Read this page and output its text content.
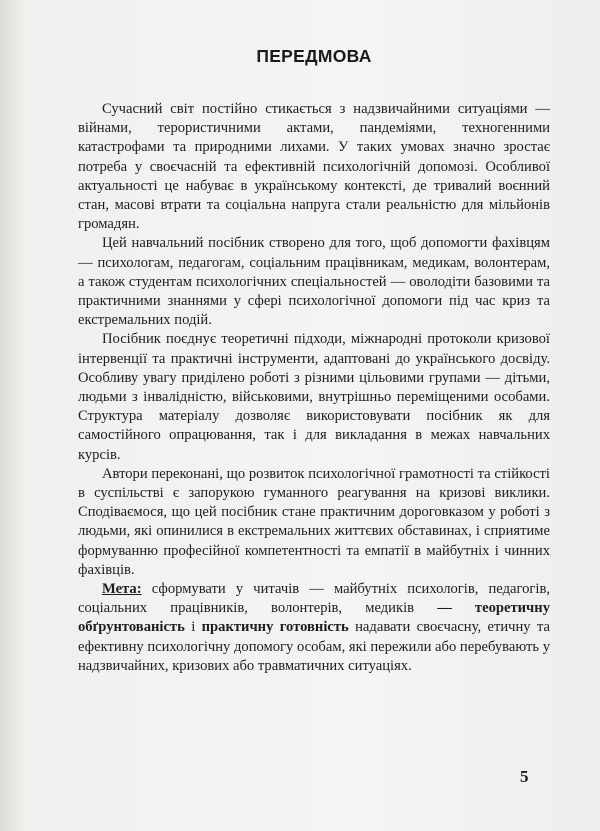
ПЕРЕДМОВА

Сучасний світ постійно стикається з надзвичайними ситуаціями — війнами, терористичними актами, пандеміями, техногенними катастрофами та природними лихами. У таких умовах значно зростає потреба у своєчасній та ефективній психологічній допомозі. Особливої актуальності це набуває в українському контексті, де тривалий воєнний стан, масові втрати та соціальна напруга стали реальністю для мільйонів громадян.

Цей навчальний посібник створено для того, щоб допомогти фахівцям — психологам, педагогам, соціальним працівникам, медикам, волонтерам, а також студентам психологічних спеціальностей — оволодіти базовими та практичними знаннями у сфері психологічної допомоги під час криз та екстремальних подій.

Посібник поєднує теоретичні підходи, міжнародні протоколи кризової інтервенції та практичні інструменти, адаптовані до українського досвіду. Особливу увагу приділено роботі з різними цільовими групами — дітьми, людьми з інвалідністю, військовими, внутрішньо переміщеними особами. Структура матеріалу дозволяє використовувати посібник як для самостійного опрацювання, так і для викладання в межах навчальних курсів.

Автори переконані, що розвиток психологічної грамотності та стійкості в суспільстві є запорукою гуманного реагування на кризові виклики. Сподіваємося, що цей посібник стане практичним дороговказом у роботі з людьми, які опинилися в екстремальних життєвих обставинах, і сприятиме формуванню професійної компетентності та емпатії в майбутніх і чинних фахівців.

Мета: сформувати у читачів — майбутніх психологів, педагогів, соціальних працівників, волонтерів, медиків — теоретичну обґрунтованість і практичну готовність надавати своєчасну, етичну та ефективну психологічну допомогу особам, які пережили або перебувають у надзвичайних, кризових або травматичних ситуаціях.

5
